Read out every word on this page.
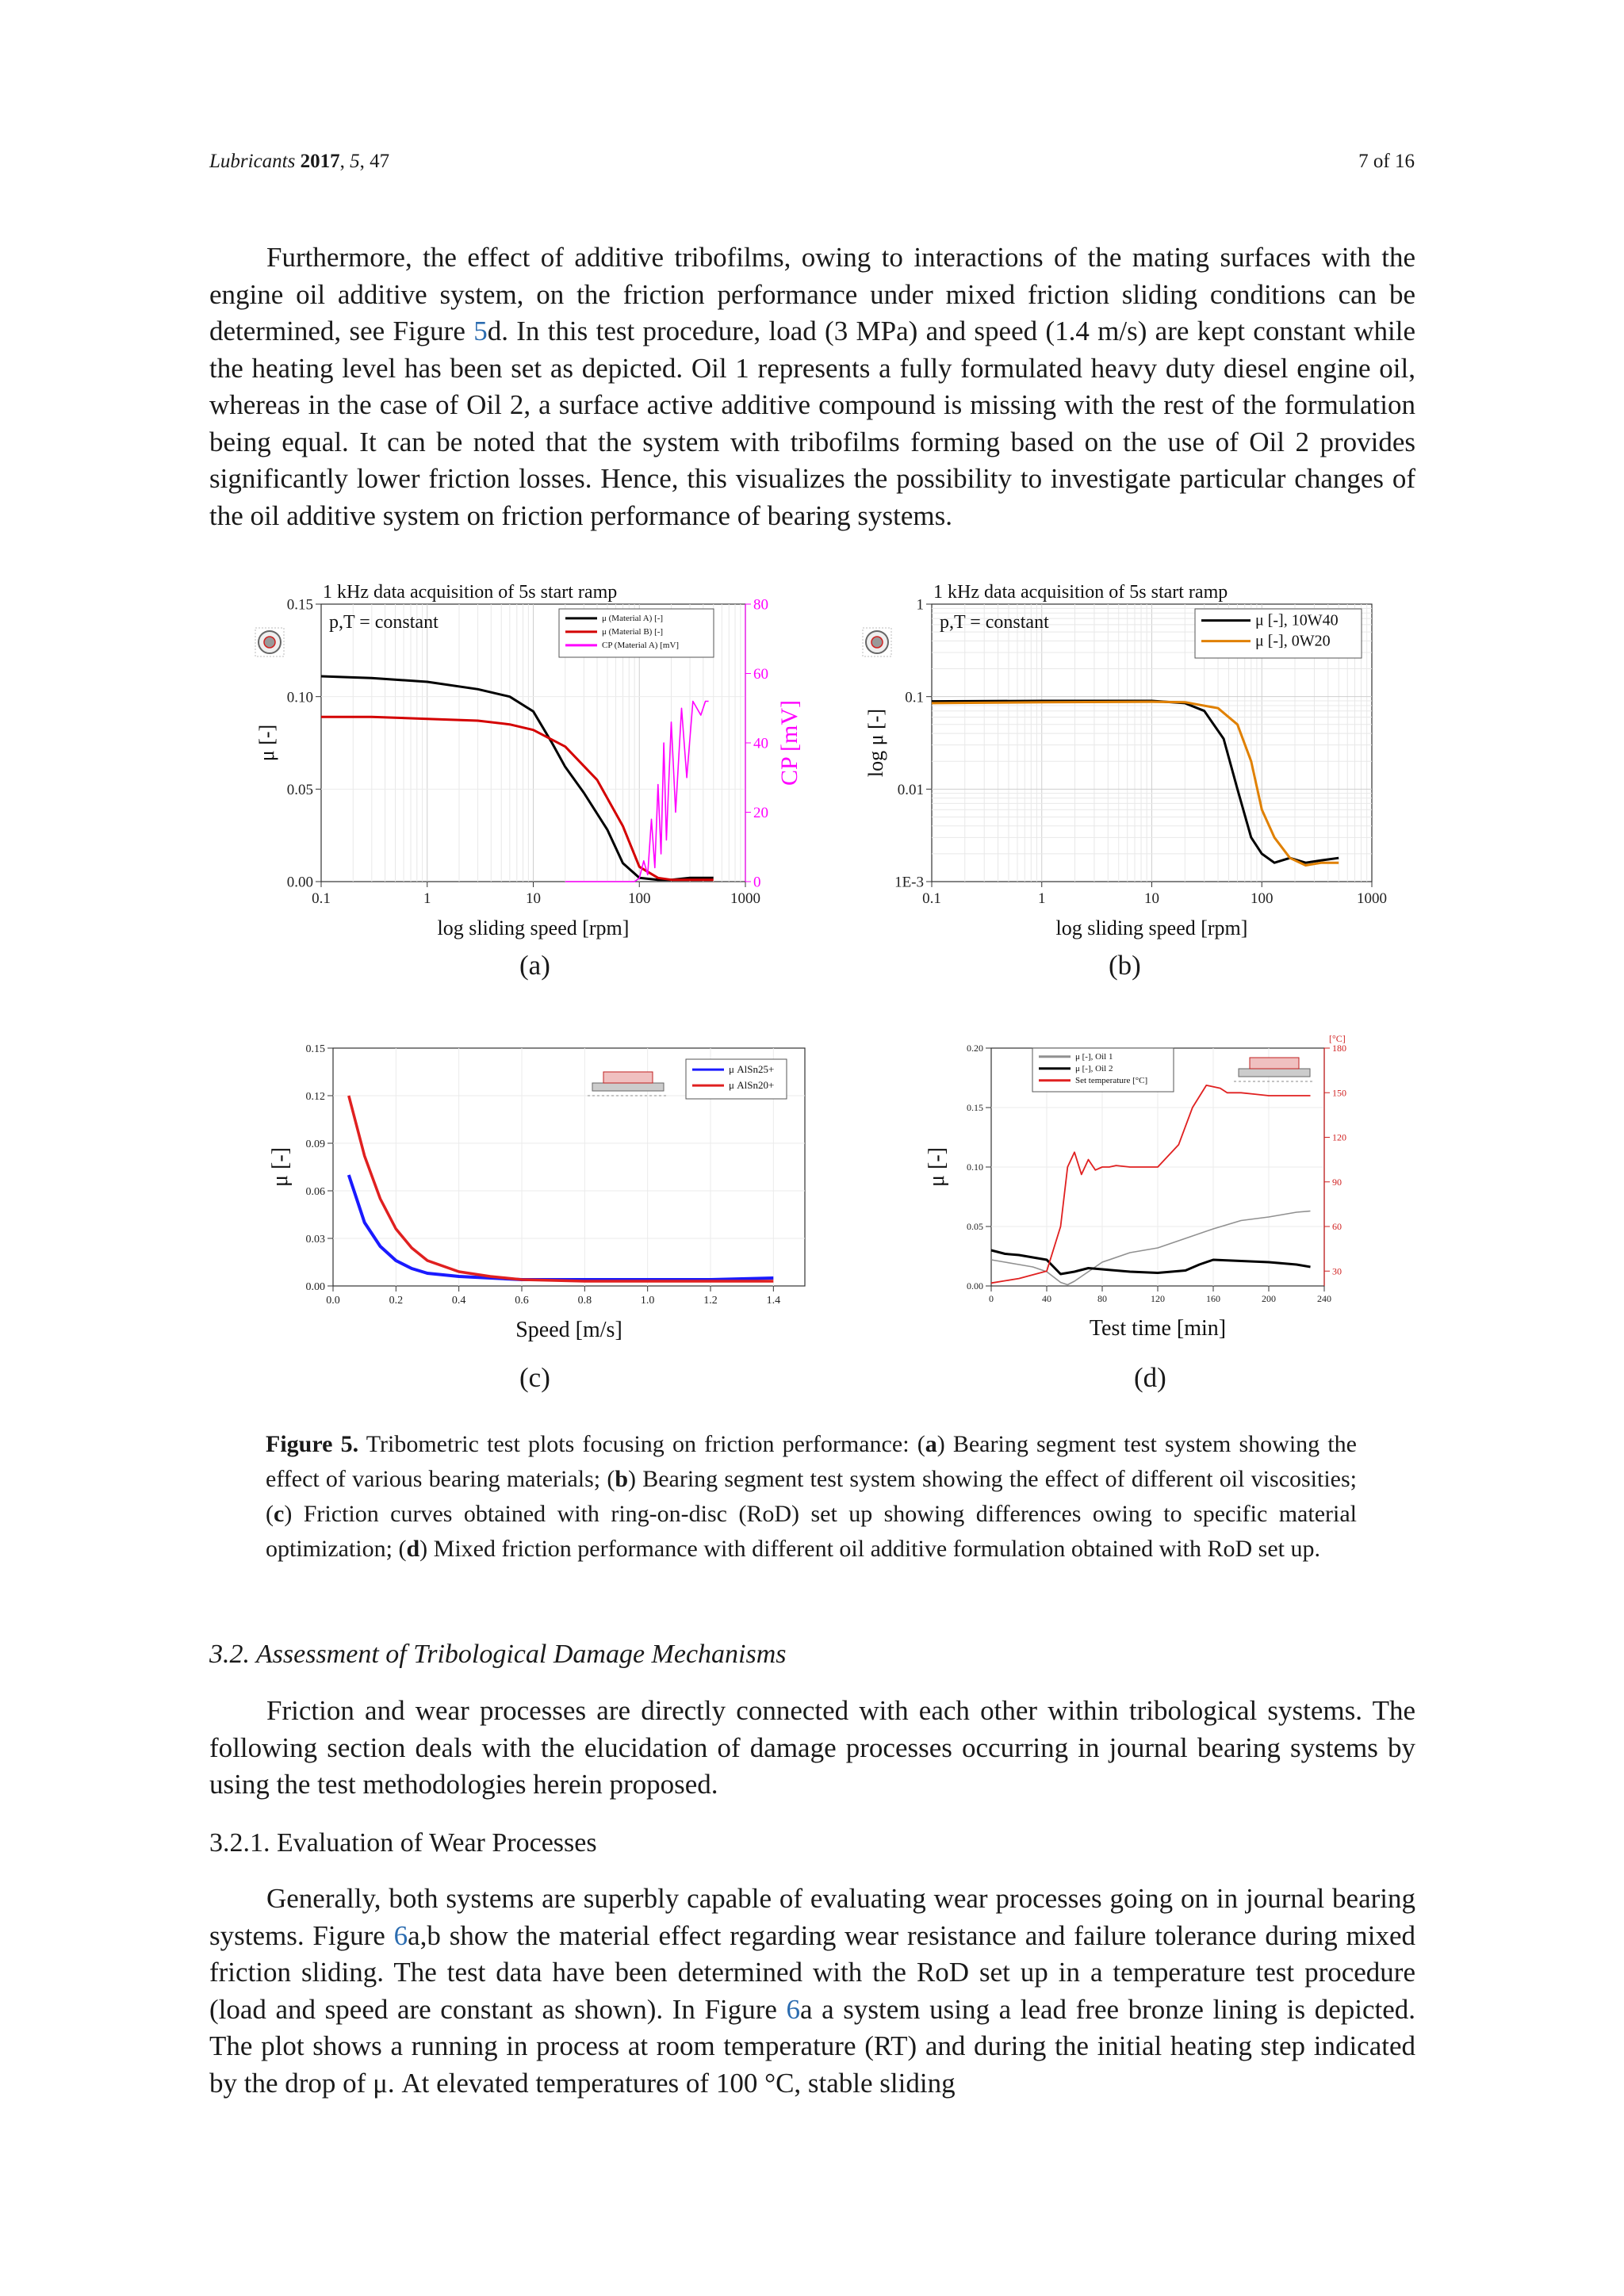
Lubricants 2017, 5, 47	7 of 16

Furthermore, the effect of additive tribofilms, owing to interactions of the mating surfaces with the engine oil additive system, on the friction performance under mixed friction sliding conditions can be determined, see Figure 5d. In this test procedure, load (3 MPa) and speed (1.4 m/s) are kept constant while the heating level has been set as depicted. Oil 1 represents a fully formulated heavy duty diesel engine oil, whereas in the case of Oil 2, a surface active additive compound is missing with the rest of the formulation being equal. It can be noted that the system with tribofilms forming based on the use of Oil 2 provides significantly lower friction losses. Hence, this visualizes the possibility to investigate particular changes of the oil additive system on friction performance of bearing systems.

0.1	1	10	100	1000
0.00
0.05
0.10
0.15
0
20
40
60
80
log sliding speed [rpm]
μ [-]	CP [mV]
1 kHz data acquisition of 5s start ramp
p,T = constant	μ (Material A) [-]
μ (Material B) [-]
CP (Material A) [mV]
(a)
0.1	1	10	100	1000
1E-3
0.01
0.1
1
log sliding speed [rpm]
log μ [-]
1 kHz data acquisition of 5s start ramp
p,T = constant	μ [-], 10W40
μ [-], 0W20
(b)
0.0	0.2	0.4	0.6	0.8	1.0	1.2	1.4
0.00
0.03
0.06
0.09
0.12
0.15
Speed [m/s]
μ [-]
μ AlSn25+
μ AlSn20+
(c)
0	40	80	120	160	200	240
0.00
0.05
0.10
0.15
0.20
30
60
90
120
150
180
Test time [min]
μ [-]
[°C]
μ [-], Oil 1
μ [-], Oil 2
Set temperature [°C]
(d)

Figure 5. Tribometric test plots focusing on friction performance: (a) Bearing segment test system showing the effect of various bearing materials; (b) Bearing segment test system showing the effect of different oil viscosities; (c) Friction curves obtained with ring-on-disc (RoD) set up showing differences owing to specific material optimization; (d) Mixed friction performance with different oil additive formulation obtained with RoD set up.

3.2. Assessment of Tribological Damage Mechanisms

Friction and wear processes are directly connected with each other within tribological systems. The following section deals with the elucidation of damage processes occurring in journal bearing systems by using the test methodologies herein proposed.

3.2.1. Evaluation of Wear Processes

Generally, both systems are superbly capable of evaluating wear processes going on in journal bearing systems. Figure 6a,b show the material effect regarding wear resistance and failure tolerance during mixed friction sliding. The test data have been determined with the RoD set up in a temperature test procedure (load and speed are constant as shown). In Figure 6a a system using a lead free bronze lining is depicted. The plot shows a running in process at room temperature (RT) and during the initial heating step indicated by the drop of μ. At elevated temperatures of 100 °C, stable sliding
